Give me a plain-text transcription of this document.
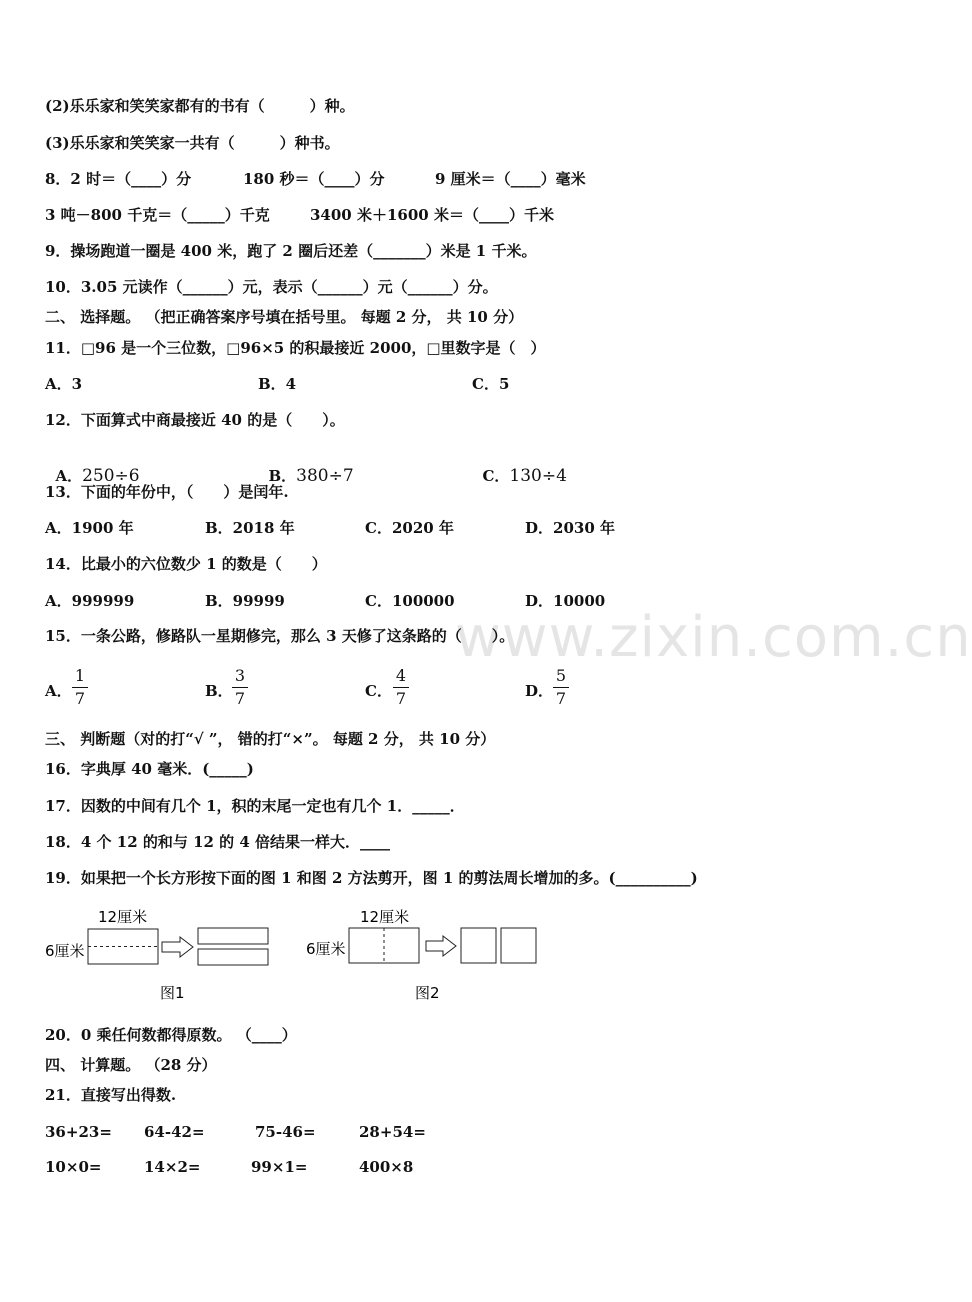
(2)乐乐家和笑笑家都有的书有（　　　）种。
(3)乐乐家和笑笑家一共有（　　　）种书。
8．2 时＝（____）分	180 秒＝（____）分	9 厘米＝（____）毫米
3 吨－800 千克＝（_____）千克	3400 米＋1600 米＝（____）千米
9．操场跑道一圈是 400 米，跑了 2 圈后还差（_______）米是 1 千米。
10．3.05 元读作（______）元，表示（______）元（______）分。
二、 选择题。 （把正确答案序号填在括号里。 每题 2 分， 共 10 分）
11．□96 是一个三位数，□96×5 的积最接近 2000，□里数字是（　）
A．3	B．4	C．5
12．下面算式中商最接近 40 的是（　　）。

A．250÷6	B．380÷7	C．130÷4

13．下面的年份中，（　　）是闰年.
A．1900 年	B．2018 年	C．2020 年	D．2030 年
14．比最小的六位数少 1 的数是（　　）
A．999999	B．99999	C．100000	D．10000
www.zixin.com.cn
15．一条公路，修路队一星期修完，那么 3 天修了这条路的（　　）。
A．
1
7	B．
3
7	C．
4
7	D．
5
7
三、 判断题（对的打“√ ”， 错的打“×”。 每题 2 分， 共 10 分）
16．字典厚 40 毫米．(_____)
17．因数的中间有几个 1，积的末尾一定也有几个 1．_____．
18．4 个 12 的和与 12 的 4 倍结果一样大．____
19．如果把一个长方形按下面的图 1 和图 2 方法剪开，图 1 的剪法周长增加的多。(__________)
12厘米
6厘米
图1
12厘米
6厘米
图2
20．0 乘任何数都得原数。 （____）
四、 计算题。 （28 分）
21．直接写出得数.
36+23= 64-42=	75-46=	28+54=
10×0=	14×2=	99×1=	400×8
